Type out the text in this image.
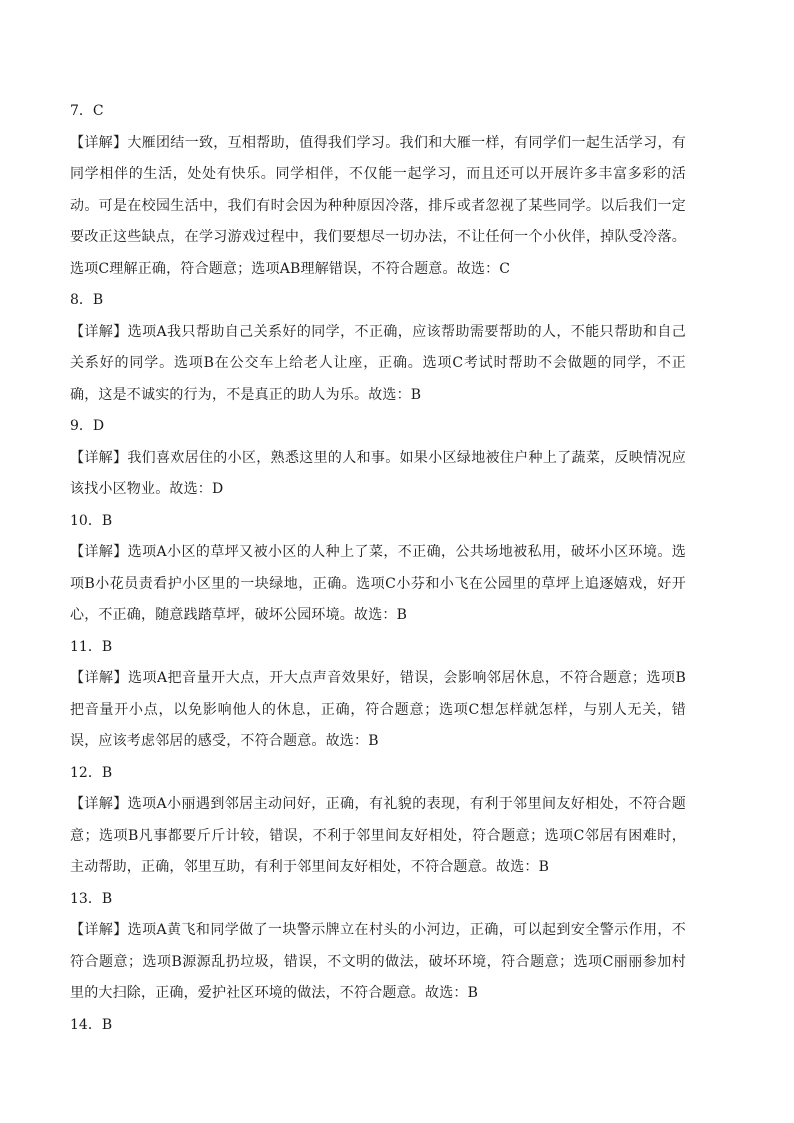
7．C

【详解】大雁团结一致，互相帮助，值得我们学习。我们和大雁一样，有同学们一起生活学习，有同学相伴的生活，处处有快乐。同学相伴，不仅能一起学习，而且还可以开展许多丰富多彩的活动。可是在校园生活中，我们有时会因为种种原因冷落，排斥或者忽视了某些同学。以后我们一定要改正这些缺点，在学习游戏过程中，我们要想尽一切办法，不让任何一个小伙伴，掉队受冷落。选项C理解正确，符合题意；选项AB理解错误，不符合题意。故选：C

8．B

【详解】选项A我只帮助自己关系好的同学，不正确，应该帮助需要帮助的人，不能只帮助和自己关系好的同学。选项B在公交车上给老人让座，正确。选项C考试时帮助不会做题的同学，不正确，这是不诚实的行为，不是真正的助人为乐。故选：B

9．D

【详解】我们喜欢居住的小区，熟悉这里的人和事。如果小区绿地被住户种上了蔬菜，反映情况应该找小区物业。故选：D

10．B

【详解】选项A小区的草坪又被小区的人种上了菜，不正确，公共场地被私用，破坏小区环境。选项B小花员责看护小区里的一块绿地，正确。选项C小芬和小飞在公园里的草坪上追逐嬉戏，好开心，不正确，随意践踏草坪，破坏公园环境。故选：B

11．B

【详解】选项A把音量开大点，开大点声音效果好，错误，会影响邻居休息，不符合题意；选项B把音量开小点，以免影响他人的休息，正确，符合题意；选项C想怎样就怎样，与别人无关，错误，应该考虑邻居的感受，不符合题意。故选：B

12．B

【详解】选项A小丽遇到邻居主动问好，正确，有礼貌的表现，有利于邻里间友好相处，不符合题意；选项B凡事都要斤斤计较，错误，不利于邻里间友好相处，符合题意；选项C邻居有困难时，主动帮助，正确，邻里互助，有利于邻里间友好相处，不符合题意。故选：B

13．B

【详解】选项A黄飞和同学做了一块警示牌立在村头的小河边，正确，可以起到安全警示作用，不符合题意；选项B源源乱扔垃圾，错误，不文明的做法，破坏环境，符合题意；选项C丽丽参加村里的大扫除，正确，爱护社区环境的做法，不符合题意。故选：B

14．B
